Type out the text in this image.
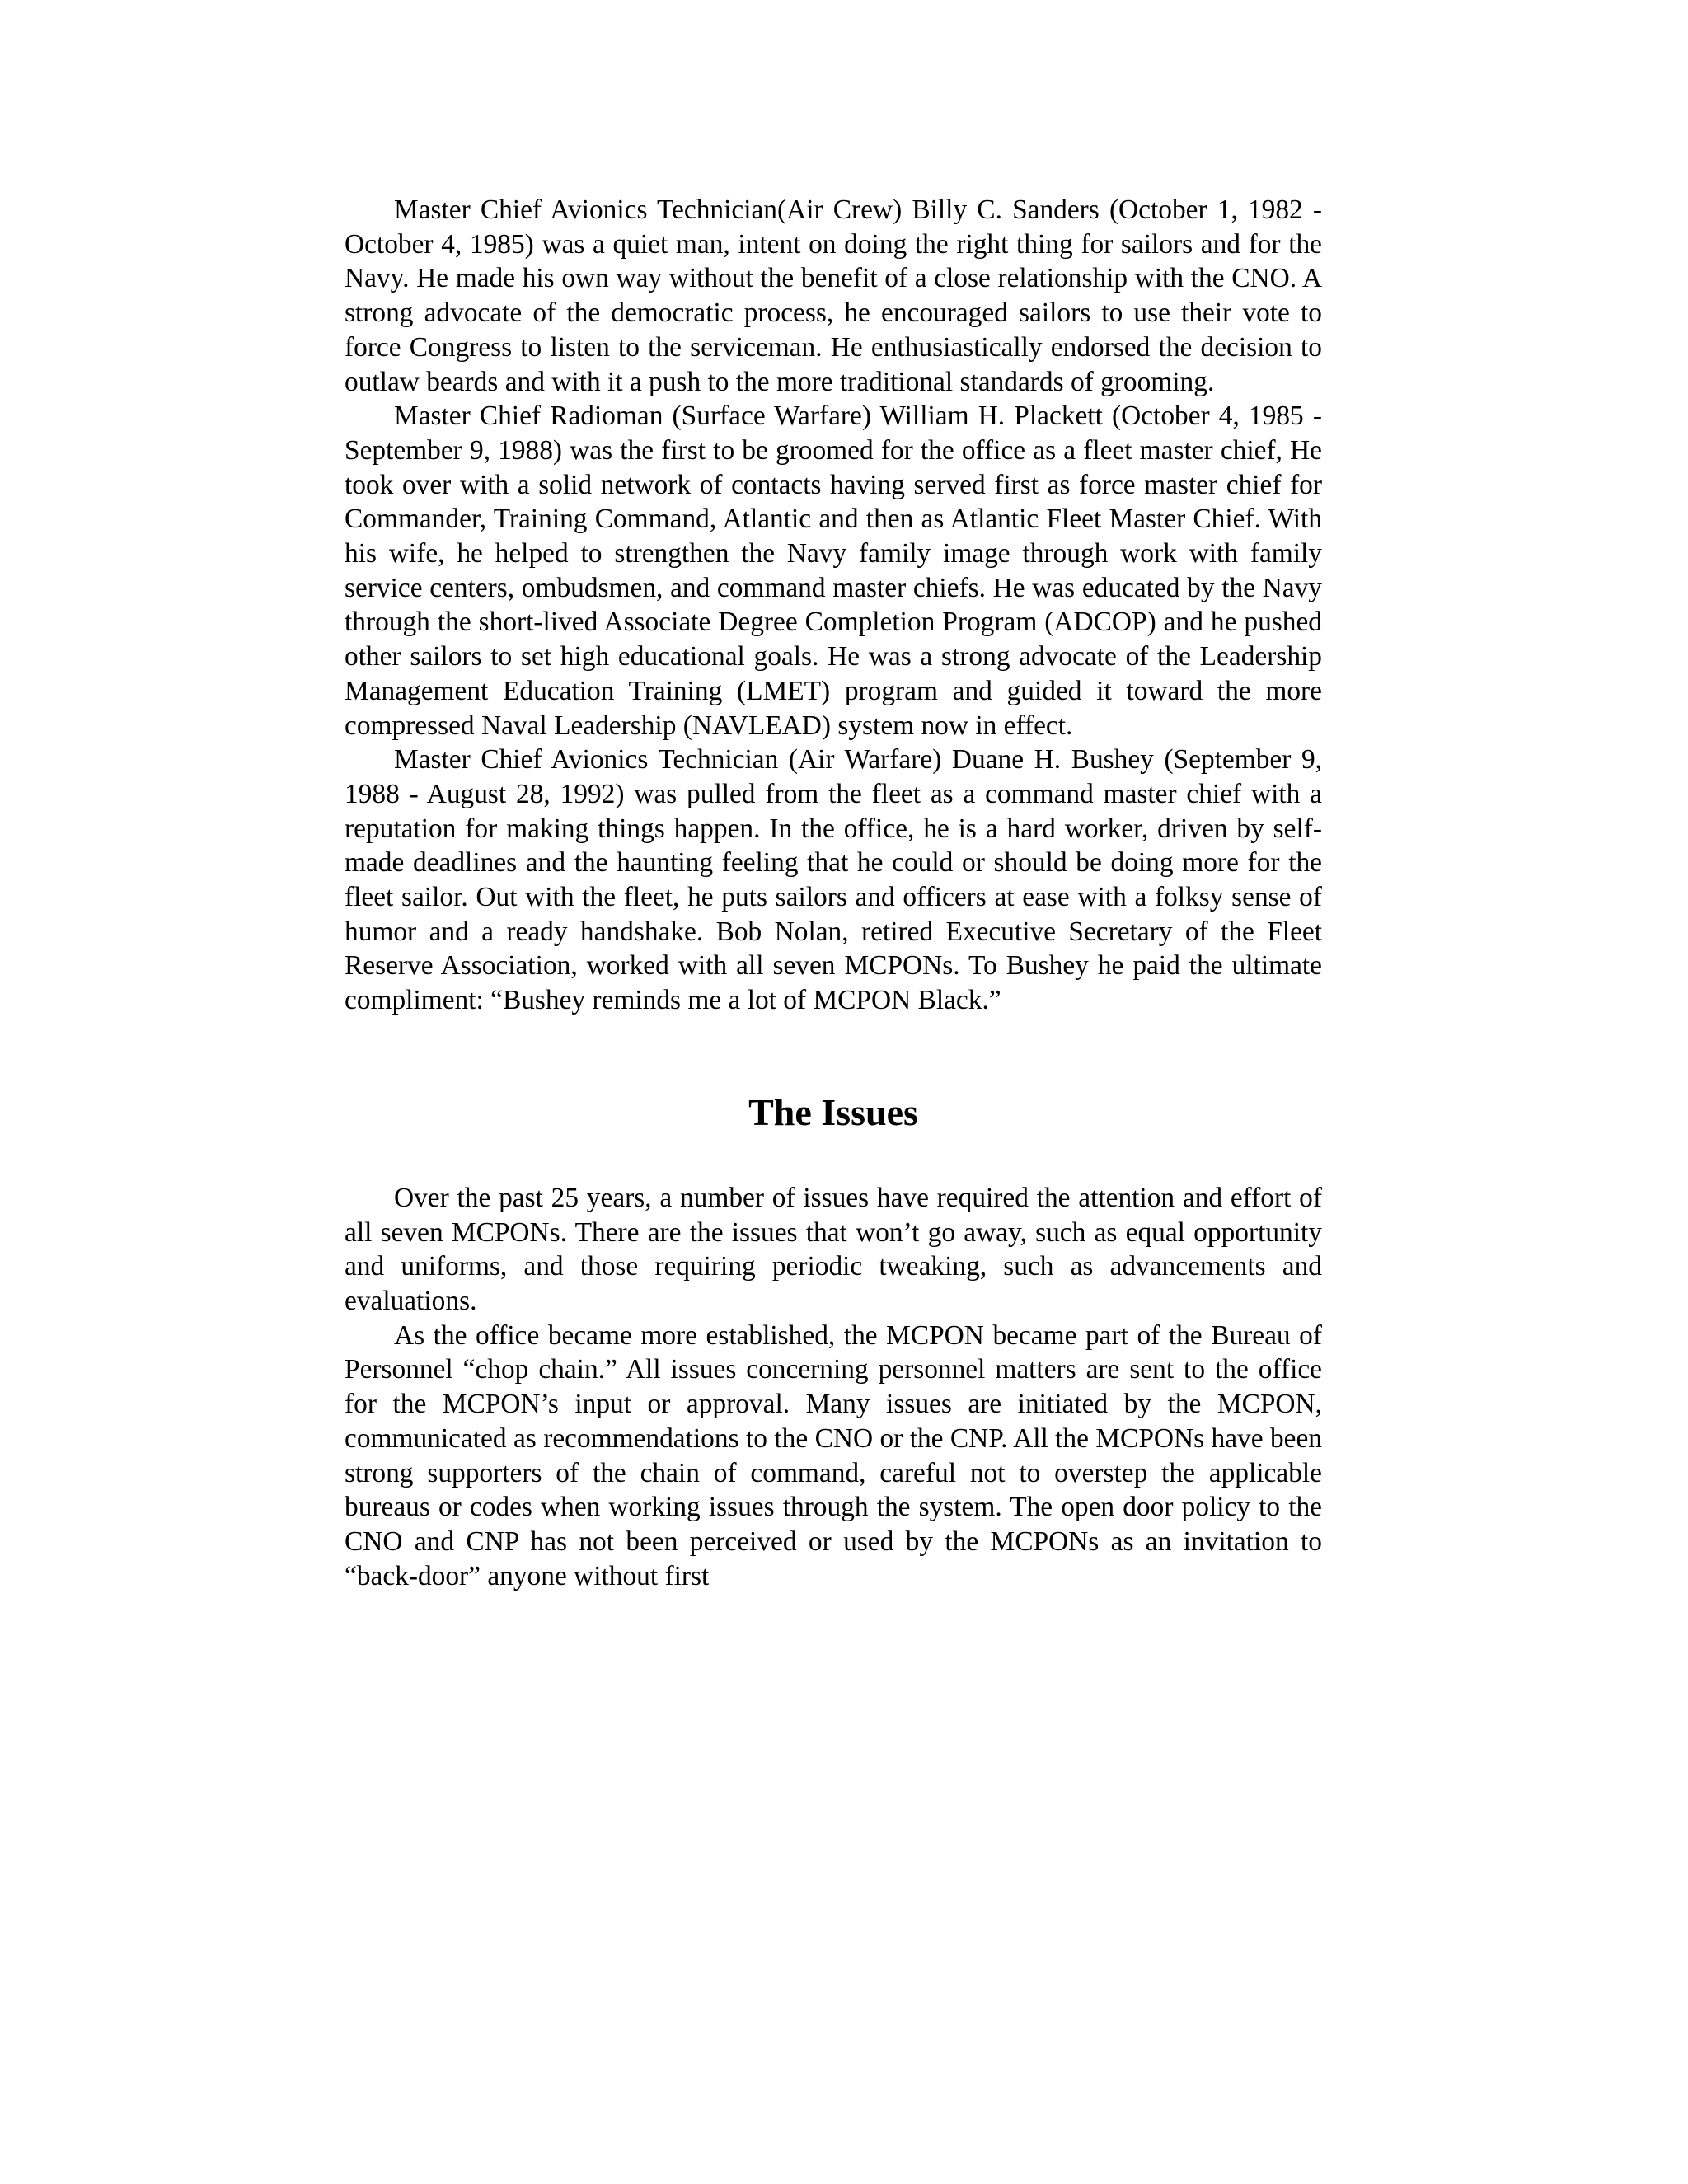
Master Chief Avionics Technician(Air Crew) Billy C. Sanders (October 1, 1982 - October 4, 1985) was a quiet man, intent on doing the right thing for sailors and for the Navy. He made his own way without the benefit of a close relationship with the CNO. A strong advocate of the democratic process, he encouraged sailors to use their vote to force Congress to listen to the serviceman. He enthusiastically endorsed the decision to outlaw beards and with it a push to the more traditional standards of grooming.

Master Chief Radioman (Surface Warfare) William H. Plackett (October 4, 1985 - September 9, 1988) was the first to be groomed for the office as a fleet master chief, He took over with a solid network of contacts having served first as force master chief for Commander, Training Command, Atlantic and then as Atlantic Fleet Master Chief. With his wife, he helped to strengthen the Navy family image through work with family service centers, ombudsmen, and command master chiefs. He was educated by the Navy through the short-lived Associate Degree Completion Program (ADCOP) and he pushed other sailors to set high educational goals. He was a strong advocate of the Leadership Management Education Training (LMET) program and guided it toward the more compressed Naval Leadership (NAVLEAD) system now in effect.

Master Chief Avionics Technician (Air Warfare) Duane H. Bushey (September 9, 1988 - August 28, 1992) was pulled from the fleet as a command master chief with a reputation for making things happen. In the office, he is a hard worker, driven by self-made deadlines and the haunting feeling that he could or should be doing more for the fleet sailor. Out with the fleet, he puts sailors and officers at ease with a folksy sense of humor and a ready handshake. Bob Nolan, retired Executive Secretary of the Fleet Reserve Association, worked with all seven MCPONs. To Bushey he paid the ultimate compliment: “Bushey reminds me a lot of MCPON Black.”

The Issues

Over the past 25 years, a number of issues have required the attention and effort of all seven MCPONs. There are the issues that won’t go away, such as equal opportunity and uniforms, and those requiring periodic tweaking, such as advancements and evaluations.

As the office became more established, the MCPON became part of the Bureau of Personnel “chop chain.” All issues concerning personnel matters are sent to the office for the MCPON’s input or approval. Many issues are initiated by the MCPON, communicated as recommendations to the CNO or the CNP. All the MCPONs have been strong supporters of the chain of command, careful not to overstep the applicable bureaus or codes when working issues through the system. The open door policy to the CNO and CNP has not been perceived or used by the MCPONs as an invitation to “back-door” anyone without first
